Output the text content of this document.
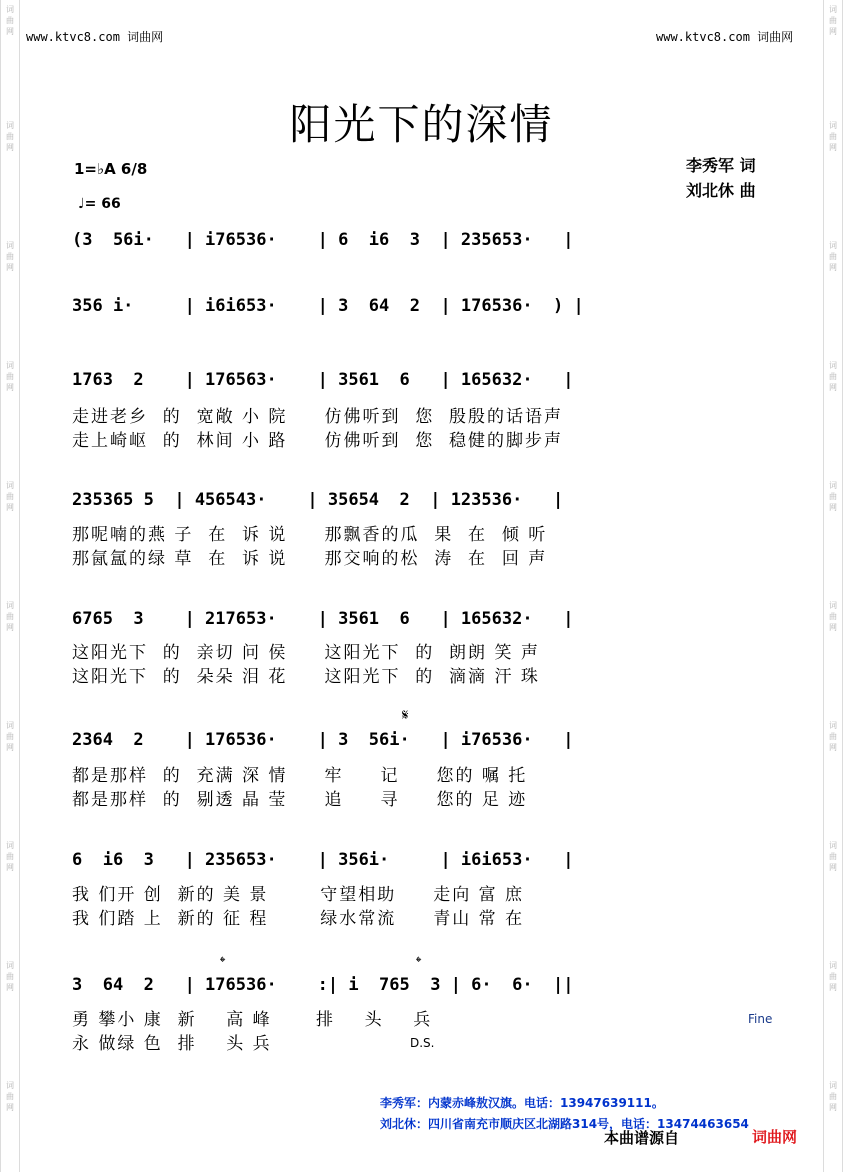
词曲网
词曲网
词曲网
词曲网
词曲网
词曲网
词曲网
词曲网
词曲网
词曲网
词曲网
词曲网
词曲网
词曲网
词曲网
词曲网
词曲网
词曲网
词曲网
词曲网
www.ktvc8.com 词曲网	www.ktvc8.com 词曲网
阳光下的深情
李秀军 词
刘北休 曲
1=♭A 6/8
♩= 66
(3  56i·   | i76536·    | 6  i6  3  | 235653·   |
356 i·     | i6i653·    | 3  64  2  | 176536·  ) |
1763  2    | 176563·    | 3561  6   | 165632·   |
走进老乡  的  宽敞 小 院     仿佛听到  您  殷殷的话语声
走上崎岖  的  林间 小 路     仿佛听到  您  稳健的脚步声
235365 5  | 456543·    | 35654  2  | 123536·   |
那呢喃的燕 子  在  诉 说     那飘香的瓜  果  在  倾 听
那氤氲的绿 草  在  诉 说     那交响的松  涛  在  回 声
6765  3    | 217653·    | 3561  6   | 165632·   |
这阳光下  的  亲切 问 侯     这阳光下  的  朗朗 笑 声
这阳光下  的  朵朵 泪 花     这阳光下  的  滴滴 汗 珠
𝄋
2364  2    | 176536·    | 3  56i·   | i76536·   |
都是那样  的  充满 深 情     牢     记     您的 嘱 托
都是那样  的  剔透 晶 莹     追     寻     您的 足 迹
6  i6  3   | 235653·    | 356i·     | i6i653·   |
我 们开 创  新的 美 景       守望相助     走向 富 庶
我 们踏 上  新的 征 程       绿水常流     青山 常 在
𝄌	𝄌
3  64  2   | 176536·    :| i  765  3 | 6·  6·  ||
勇 攀小 康  新    高 峰      排    头    兵
永 做绿 色  排    头 兵
Fine
D.S.
李秀军：内蒙赤峰敖汉旗。电话：13947639111。
刘北休：四川省南充市顺庆区北湖路314号，电话：13474463654
本曲谱源自	词曲网
